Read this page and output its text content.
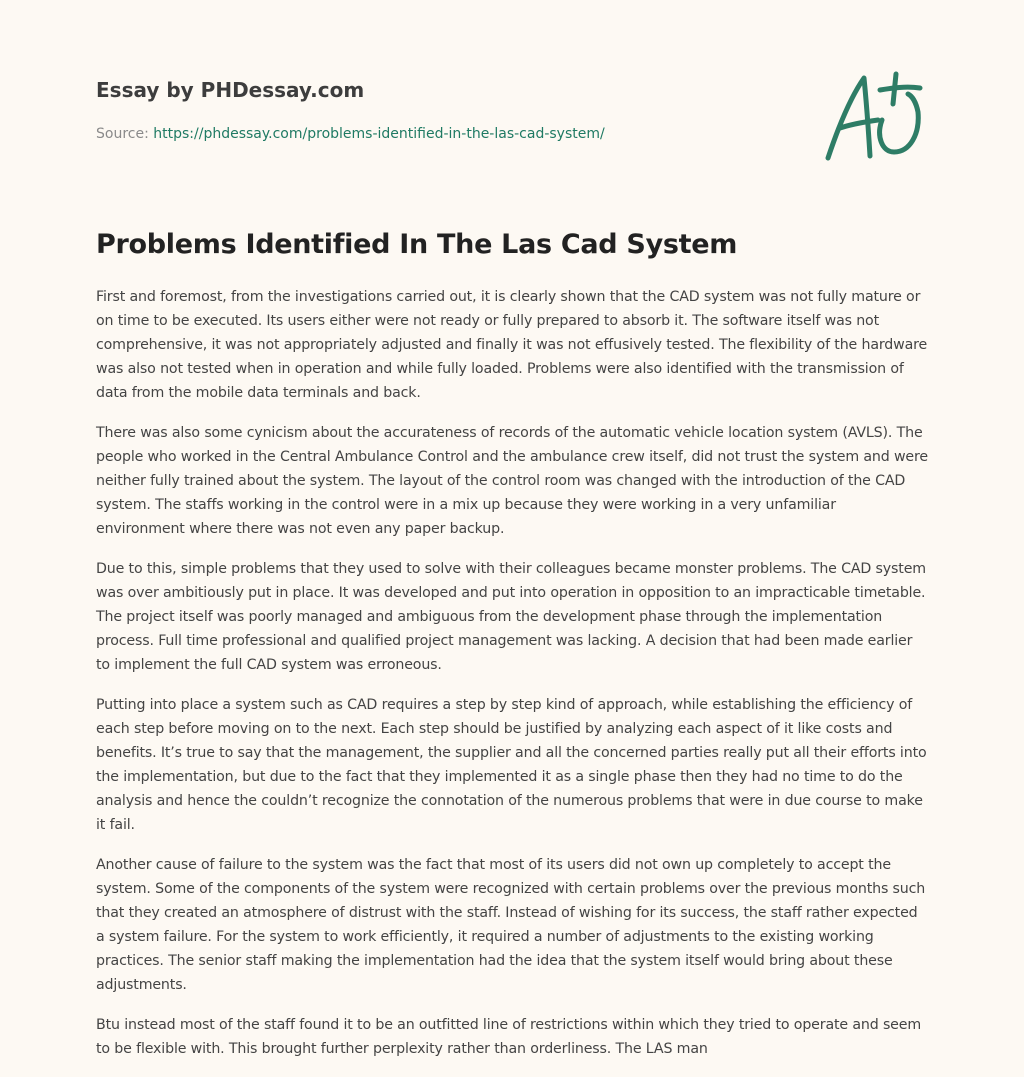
Essay by PHDessay.com
Source: https://phdessay.com/problems-identified-in-the-las-cad-system/
Problems Identified In The Las Cad System

First and foremost, from the investigations carried out, it is clearly shown that the CAD system was not fully mature or on time to be executed. Its users either were not ready or fully prepared to absorb it. The software itself was not comprehensive, it was not appropriately adjusted and finally it was not effusively tested. The flexibility of the hardware was also not tested when in operation and while fully loaded. Problems were also identified with the transmission of data from the mobile data terminals and back.

There was also some cynicism about the accurateness of records of the automatic vehicle location system (AVLS). The people who worked in the Central Ambulance Control and the ambulance crew itself, did not trust the system and were neither fully trained about the system. The layout of the control room was changed with the introduction of the CAD system. The staffs working in the control were in a mix up because they were working in a very unfamiliar environment where there was not even any paper backup.

Due to this, simple problems that they used to solve with their colleagues became monster problems. The CAD system was over ambitiously put in place. It was developed and put into operation in opposition to an impracticable timetable. The project itself was poorly managed and ambiguous from the development phase through the implementation process. Full time professional and qualified project management was lacking. A decision that had been made earlier to implement the full CAD system was erroneous.

Putting into place a system such as CAD requires a step by step kind of approach, while establishing the efficiency of each step before moving on to the next. Each step should be justified by analyzing each aspect of it like costs and benefits. It’s true to say that the management, the supplier and all the concerned parties really put all their efforts into the implementation, but due to the fact that they implemented it as a single phase then they had no time to do the analysis and hence the couldn’t recognize the connotation of the numerous problems that were in due course to make it fail.

Another cause of failure to the system was the fact that most of its users did not own up completely to accept the system. Some of the components of the system were recognized with certain problems over the previous months such that they created an atmosphere of distrust with the staff. Instead of wishing for its success, the staff rather expected a system failure. For the system to work efficiently, it required a number of adjustments to the existing working practices. The senior staff making the implementation had the idea that the system itself would bring about these adjustments.

Btu instead most of the staff found it to be an outfitted line of restrictions within which they tried to operate and seem to be flexible with. This brought further perplexity rather than orderliness. The LAS man
